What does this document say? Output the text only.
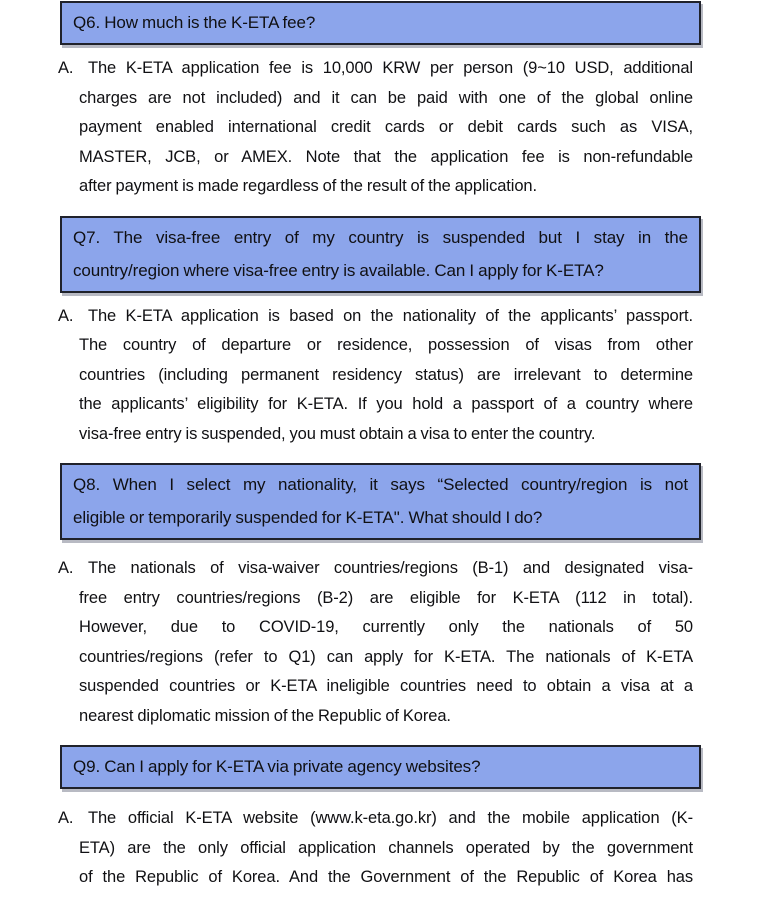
Q6. How much is the K-ETA fee?
A. The K-ETA application fee is 10,000 KRW per person (9~10 USD, additional
charges are not included) and it can be paid with one of the global online
payment enabled international credit cards or debit cards such as VISA,
MASTER, JCB, or AMEX. Note that the application fee is non-refundable
after payment is made regardless of the result of the application.
Q7. The visa-free entry of my country is suspended but I stay in the
country/region where visa-free entry is available. Can I apply for K-ETA?
A. The K-ETA application is based on the nationality of the applicants’ passport.
The country of departure or residence, possession of visas from other
countries (including permanent residency status) are irrelevant to determine
the applicants’ eligibility for K-ETA. If you hold a passport of a country where
visa-free entry is suspended, you must obtain a visa to enter the country.
Q8. When I select my nationality, it says “Selected country/region is not
eligible or temporarily suspended for K-ETA". What should I do?
A. The nationals of visa-waiver countries/regions (B-1) and designated visa-
free entry countries/regions (B-2) are eligible for K-ETA (112 in total).
However, due to COVID-19, currently only the nationals of 50
countries/regions (refer to Q1) can apply for K-ETA. The nationals of K-ETA
suspended countries or K-ETA ineligible countries need to obtain a visa at a
nearest diplomatic mission of the Republic of Korea.
Q9. Can I apply for K-ETA via private agency websites?
A. The official K-ETA website (www.k-eta.go.kr) and the mobile application (K-
ETA) are the only official application channels operated by the government
of the Republic of Korea. And the Government of the Republic of Korea has
